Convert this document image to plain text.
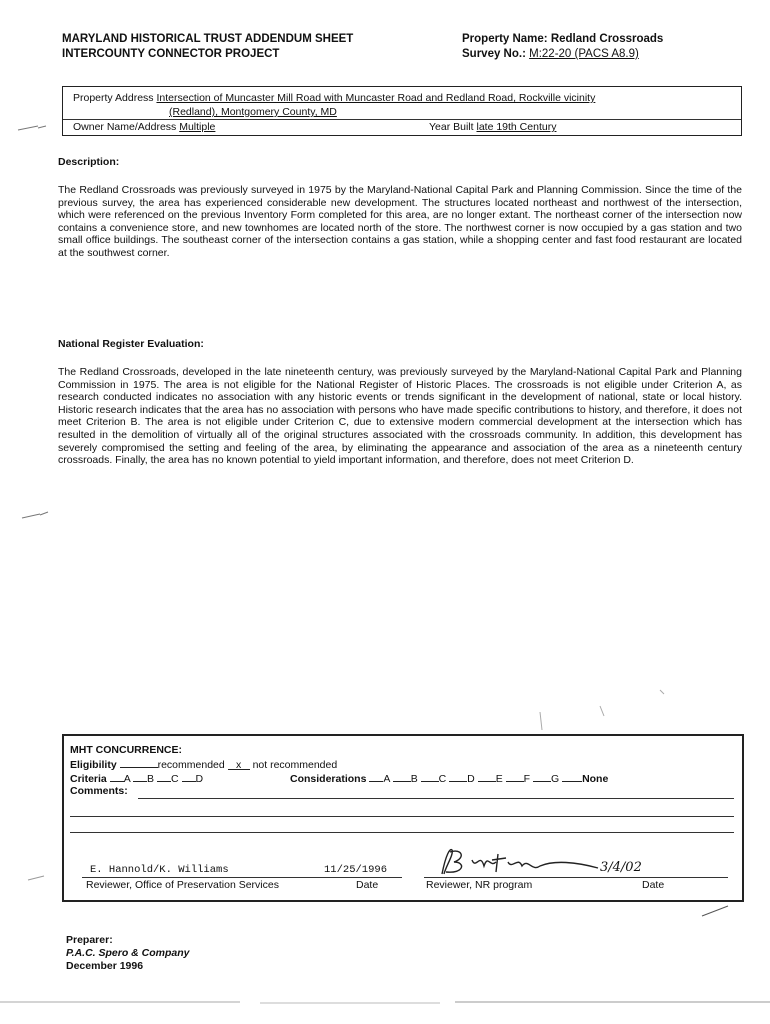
MARYLAND HISTORICAL TRUST ADDENDUM SHEET
INTERCOUNTY CONNECTOR PROJECT
Property Name: Redland Crossroads
Survey No.: M:22-20 (PACS A8.9)
Property Address Intersection of Muncaster Mill Road with Muncaster Road and Redland Road, Rockville vicinity
(Redland), Montgomery County, MD
Owner Name/Address Multiple	Year Built late 19th Century
Description:
The Redland Crossroads was previously surveyed in 1975 by the Maryland-National Capital Park and Planning Commission. Since the time of the previous survey, the area has experienced considerable new development. The structures located northeast and northwest of the intersection, which were referenced on the previous Inventory Form completed for this area, are no longer extant. The northeast corner of the intersection now contains a convenience store, and new townhomes are located north of the store. The northwest corner is now occupied by a gas station and two small office buildings. The southeast corner of the intersection contains a gas station, while a shopping center and fast food restaurant are located at the southwest corner.
National Register Evaluation:
The Redland Crossroads, developed in the late nineteenth century, was previously surveyed by the Maryland-National Capital Park and Planning Commission in 1975. The area is not eligible for the National Register of Historic Places. The crossroads is not eligible under Criterion A, as research conducted indicates no association with any historic events or trends significant in the development of national, state or local history. Historic research indicates that the area has no association with persons who have made specific contributions to history, and therefore, it does not meet Criterion B. The area is not eligible under Criterion C, due to extensive modern commercial development at the intersection which has resulted in the demolition of virtually all of the original structures associated with the crossroads community. In addition, this development has severely compromised the setting and feeling of the area, by eliminating the appearance and association of the area as a nineteenth century crossroads. Finally, the area has no known potential to yield important information, and therefore, does not meet Criterion D.
MHT CONCURRENCE:
Eligibility	recommended x not recommended
Criteria A B C D	Considerations A B C D E F G None
Comments:
E. Hannold/K. Williams	11/25/1996
Reviewer, Office of Preservation Services	Date
3/4/02
Reviewer, NR program	Date
Preparer:
P.A.C. Spero & Company
December 1996
